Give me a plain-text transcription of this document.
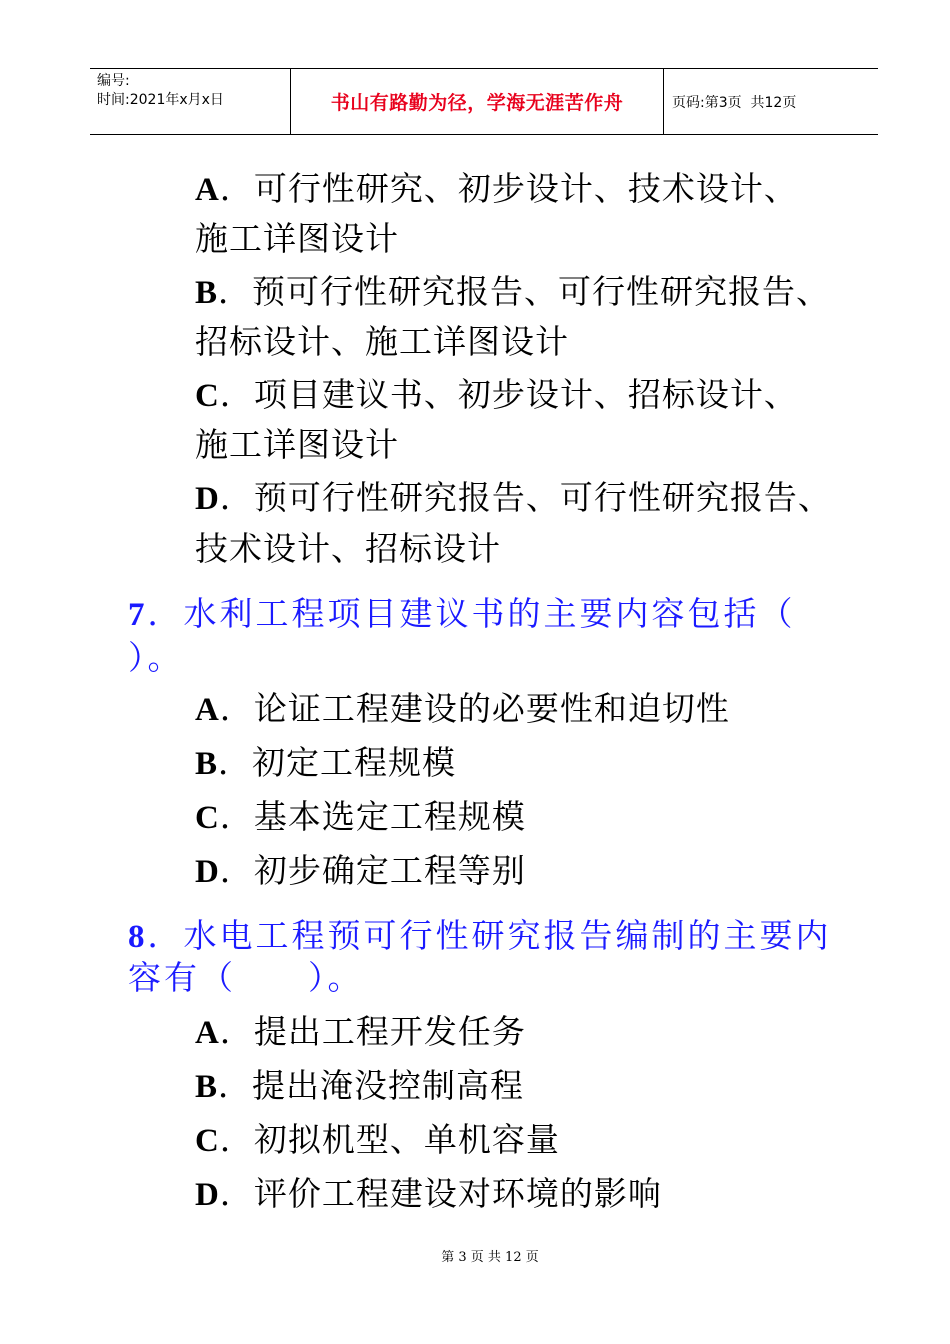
编号:
时间:2021年x月x日	书山有路勤为径，学海无涯苦作舟	页码:第3页  共12页
A．可行性研究、初步设计、技术设计、
施工详图设计
B．预可行性研究报告、可行性研究报告、
招标设计、施工详图设计
C．项目建议书、初步设计、招标设计、
施工详图设计
D．预可行性研究报告、可行性研究报告、
技术设计、招标设计
7．水利工程项目建议书的主要内容包括（
）。
A．论证工程建设的必要性和迫切性
B．初定工程规模
C．基本选定工程规模
D．初步确定工程等别
8．水电工程预可行性研究报告编制的主要内
容有（　　）。
A．提出工程开发任务
B．提出淹没控制高程
C．初拟机型、单机容量
D．评价工程建设对环境的影响
第 3 页 共 12 页
